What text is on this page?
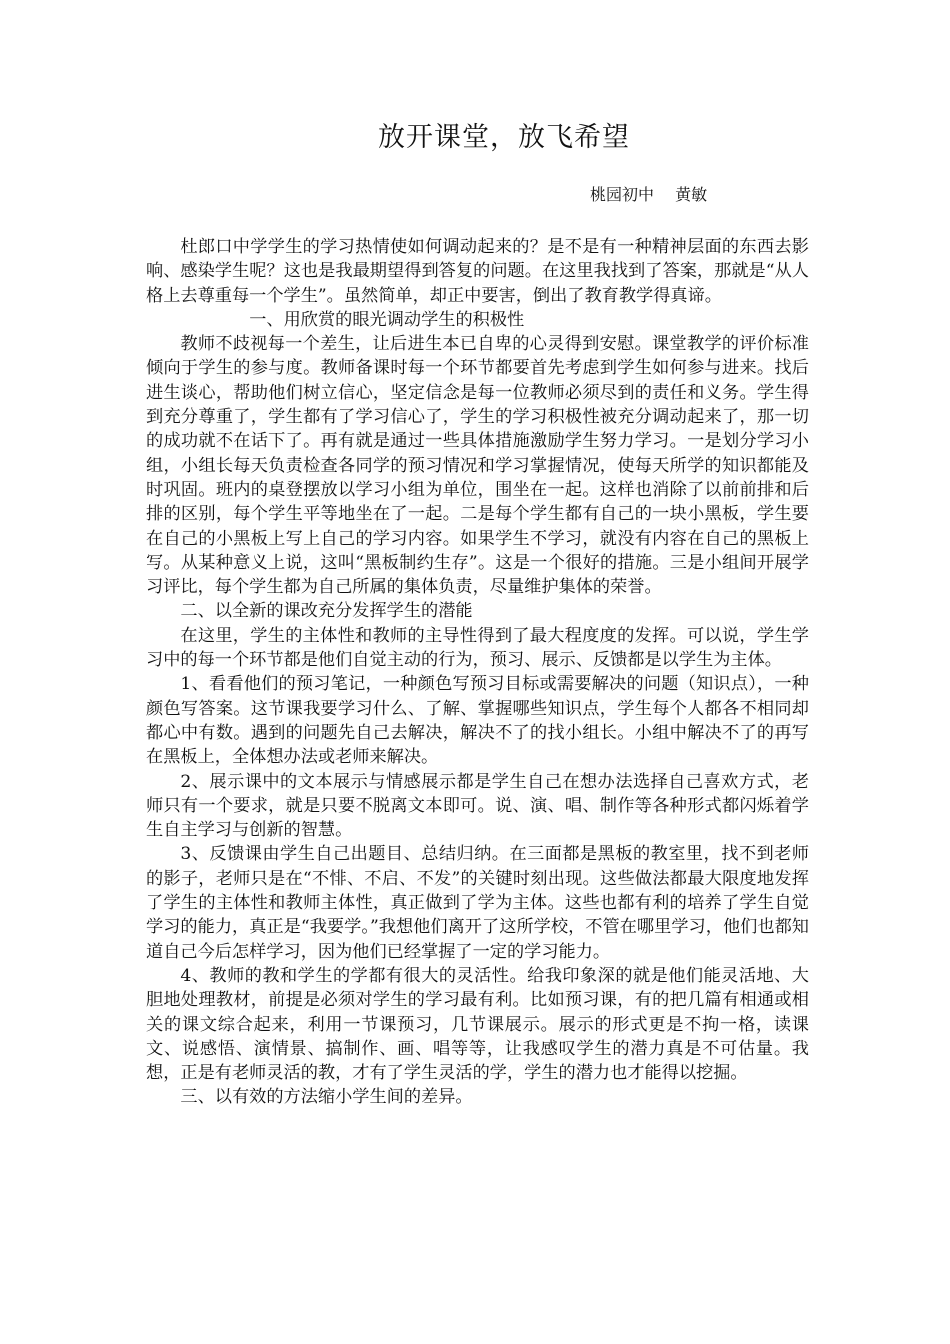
放开课堂，放飞希望
桃园初中　 黄敏

杜郎口中学学生的学习热情使如何调动起来的？是不是有一种精神层面的东西去影响、感染学生呢？这也是我最期望得到答复的问题。在这里我找到了答案，那就是“从人格上去尊重每一个学生”。虽然简单，却正中要害，倒出了教育教学得真谛。

一、用欣赏的眼光调动学生的积极性

教师不歧视每一个差生，让后进生本已自卑的心灵得到安慰。课堂教学的评价标准倾向于学生的参与度。教师备课时每一个环节都要首先考虑到学生如何参与进来。找后进生谈心，帮助他们树立信心，坚定信念是每一位教师必须尽到的责任和义务。学生得到充分尊重了，学生都有了学习信心了，学生的学习积极性被充分调动起来了，那一切的成功就不在话下了。再有就是通过一些具体措施激励学生努力学习。一是划分学习小组，小组长每天负责检查各同学的预习情况和学习掌握情况，使每天所学的知识都能及时巩固。班内的桌登摆放以学习小组为单位，围坐在一起。这样也消除了以前前排和后排的区别，每个学生平等地坐在了一起。二是每个学生都有自己的一块小黑板，学生要在自己的小黑板上写上自己的学习内容。如果学生不学习，就没有内容在自己的黑板上写。从某种意义上说，这叫“黑板制约生存”。这是一个很好的措施。三是小组间开展学习评比，每个学生都为自己所属的集体负责，尽量维护集体的荣誉。

二、以全新的课改充分发挥学生的潜能

在这里，学生的主体性和教师的主导性得到了最大程度度的发挥。可以说，学生学习中的每一个环节都是他们自觉主动的行为，预习、展示、反馈都是以学生为主体。

1、看看他们的预习笔记，一种颜色写预习目标或需要解决的问题（知识点），一种颜色写答案。这节课我要学习什么、了解、掌握哪些知识点，学生每个人都各不相同却都心中有数。遇到的问题先自己去解决，解决不了的找小组长。小组中解决不了的再写在黑板上，全体想办法或老师来解决。

2、展示课中的文本展示与情感展示都是学生自己在想办法选择自己喜欢方式，老师只有一个要求，就是只要不脱离文本即可。说、演、唱、制作等各种形式都闪烁着学生自主学习与创新的智慧。

3、反馈课由学生自己出题目、总结归纳。在三面都是黑板的教室里，找不到老师的影子，老师只是在“不悱、不启、不发”的关键时刻出现。这些做法都最大限度地发挥了学生的主体性和教师主体性，真正做到了学为主体。这些也都有利的培养了学生自觉学习的能力，真正是“我要学。”我想他们离开了这所学校，不管在哪里学习，他们也都知道自己今后怎样学习，因为他们已经掌握了一定的学习能力。

4、教师的教和学生的学都有很大的灵活性。给我印象深的就是他们能灵活地、大胆地处理教材，前提是必须对学生的学习最有利。比如预习课，有的把几篇有相通或相关的课文综合起来，利用一节课预习，几节课展示。展示的形式更是不拘一格，读课文、说感悟、演情景、搞制作、画、唱等等，让我感叹学生的潜力真是不可估量。我想，正是有老师灵活的教，才有了学生灵活的学，学生的潜力也才能得以挖掘。

三、以有效的方法缩小学生间的差异。
